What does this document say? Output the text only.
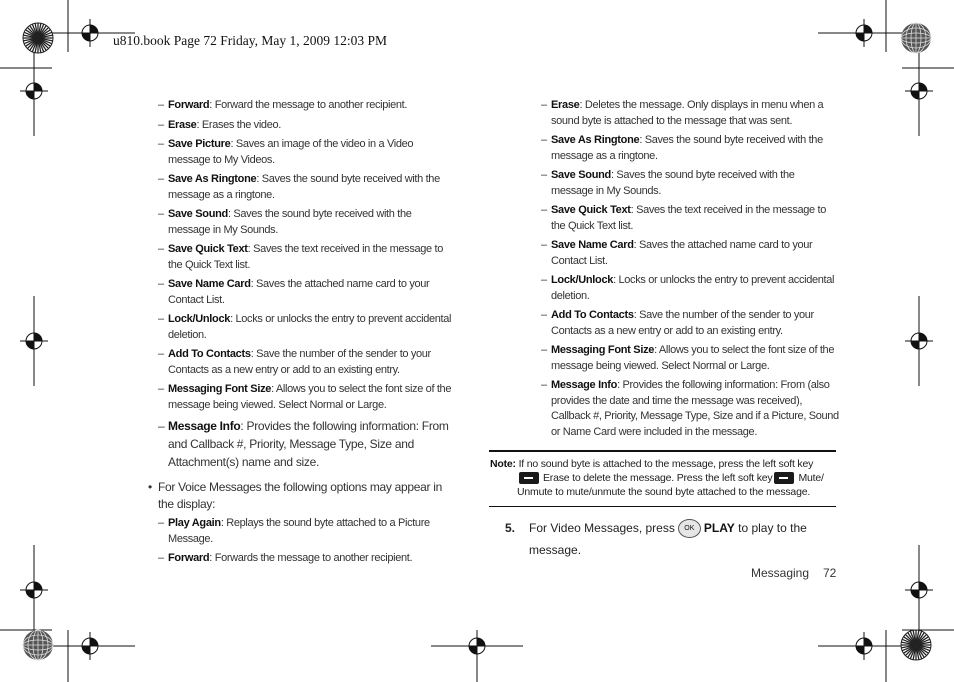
u810.book Page 72 Friday, May 1, 2009 12:03 PM
– Forward: Forward the message to another recipient.
– Erase: Erases the video.
– Save Picture: Saves an image of the video in a Video message to My Videos.
– Save As Ringtone: Saves the sound byte received with the message as a ringtone.
– Save Sound: Saves the sound byte received with the message in My Sounds.
– Save Quick Text: Saves the text received in the message to the Quick Text list.
– Save Name Card: Saves the attached name card to your Contact List.
– Lock/Unlock: Locks or unlocks the entry to prevent accidental deletion.
– Add To Contacts: Save the number of the sender to your Contacts as a new entry or add to an existing entry.
– Messaging Font Size: Allows you to select the font size of the message being viewed. Select Normal or Large.
– Message Info: Provides the following information: From and Callback #, Priority, Message Type, Size and Attachment(s) name and size.
• For Voice Messages the following options may appear in the display:
– Play Again: Replays the sound byte attached to a Picture Message.
– Forward: Forwards the message to another recipient.
– Erase: Deletes the message. Only displays in menu when a sound byte is attached to the message that was sent.
– Save As Ringtone: Saves the sound byte received with the message as a ringtone.
– Save Sound: Saves the sound byte received with the message in My Sounds.
– Save Quick Text: Saves the text received in the message to the Quick Text list.
– Save Name Card: Saves the attached name card to your Contact List.
– Lock/Unlock: Locks or unlocks the entry to prevent accidental deletion.
– Add To Contacts: Save the number of the sender to your Contacts as a new entry or add to an existing entry.
– Messaging Font Size: Allows you to select the font size of the message being viewed. Select Normal or Large.
– Message Info: Provides the following information: From (also provides the date and time the message was received), Callback #, Priority, Message Type, Size and if a Picture, Sound or Name Card were included in the message.
Note: If no sound byte is attached to the message, press the left soft key
Erase to delete the message. Press the left soft key Mute/
Unmute to mute/unmute the sound byte attached to the message.
5.	For Video Messages, press OK PLAY to play to the message.
Messaging 72
